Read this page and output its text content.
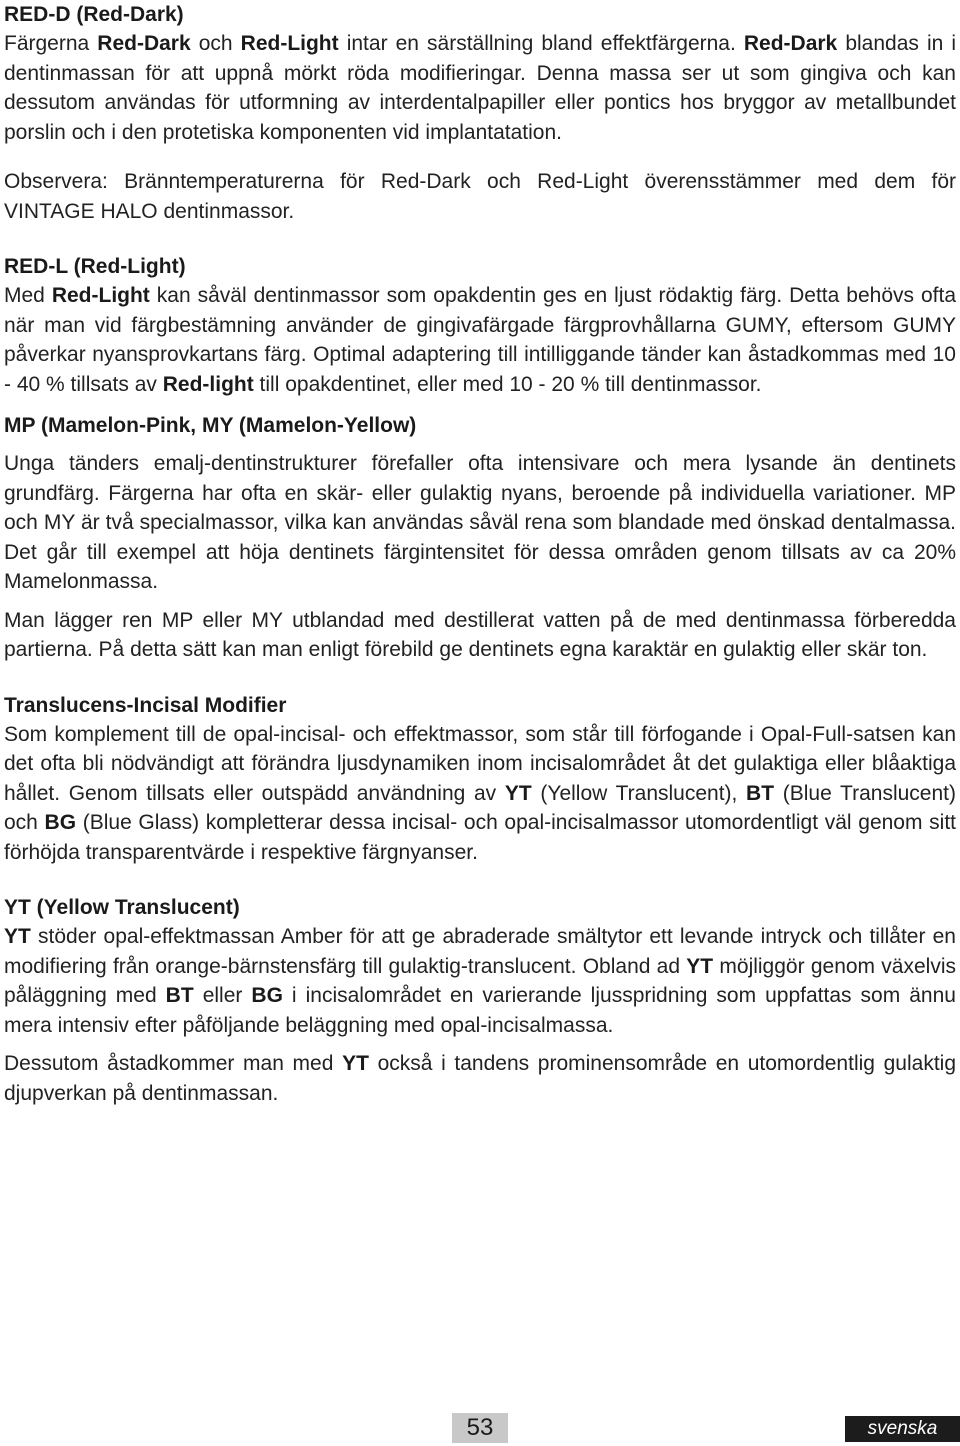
RED-D (Red-Dark)

Färgerna Red-Dark och Red-Light intar en särställning bland effektfärgerna. Red-Dark blandas in i dentinmassan för att uppnå mörkt röda modifieringar. Denna massa ser ut som gingiva och kan dessutom användas för utformning av interdentalpapiller eller pontics hos bryggor av metallbundet porslin och i den protetiska komponenten vid implantatation.

Observera: Bränntemperaturerna för Red-Dark och Red-Light överensstämmer med dem för VINTAGE HALO dentinmassor.

RED-L (Red-Light)

Med Red-Light kan såväl dentinmassor som opakdentin ges en ljust rödaktig färg. Detta behövs ofta när man vid färgbestämning använder de gingivafärgade färgprovhållarna GUMY, eftersom GUMY påverkar nyansprovkartans färg. Optimal adaptering till intilliggande tänder kan åstadkommas med 10 - 40 % tillsats av Red-light till opakdentinet, eller med 10 - 20 % till dentinmassor.

MP (Mamelon-Pink, MY (Mamelon-Yellow)

Unga tänders emalj-dentinstrukturer förefaller ofta intensivare och mera lysande än dentinets grundfärg. Färgerna har ofta en skär- eller gulaktig nyans, beroende på individuella variationer. MP och MY är två specialmassor, vilka kan användas såväl rena som blandade med önskad dentalmassa. Det går till exempel att höja dentinets färgintensitet för dessa områden genom tillsats av ca 20% Mamelonmassa.

Man lägger ren MP eller MY utblandad med destillerat vatten på de med dentinmassa förberedda partierna. På detta sätt kan man enligt förebild ge dentinets egna karaktär en gulaktig eller skär ton.

Translucens-Incisal Modifier

Som komplement till de opal-incisal- och effektmassor, som står till förfogande i Opal-Full-satsen kan det ofta bli nödvändigt att förändra ljusdynamiken inom incisalområdet åt det gulaktiga eller blåaktiga hållet. Genom tillsats eller outspädd användning av YT (Yellow Translucent), BT (Blue Translucent) och BG (Blue Glass) kompletterar dessa incisal- och opal-incisalmassor utomordentligt väl genom sitt förhöjda transparentvärde i respektive färgnyanser.

YT (Yellow Translucent)

YT stöder opal-effektmassan Amber för att ge abraderade smältytor ett levande intryck och tillåter en modifiering från orange-bärnstensfärg till gulaktig-translucent. Obland ad YT möjliggör genom växelvis påläggning med BT eller BG i incisalområdet en varierande ljusspridning som uppfattas som ännu mera intensiv efter påföljande beläggning med opal-incisalmassa.

Dessutom åstadkommer man med YT också i tandens prominensområde en utomordentlig gulaktig djupverkan på dentinmassan.

53	svenska
